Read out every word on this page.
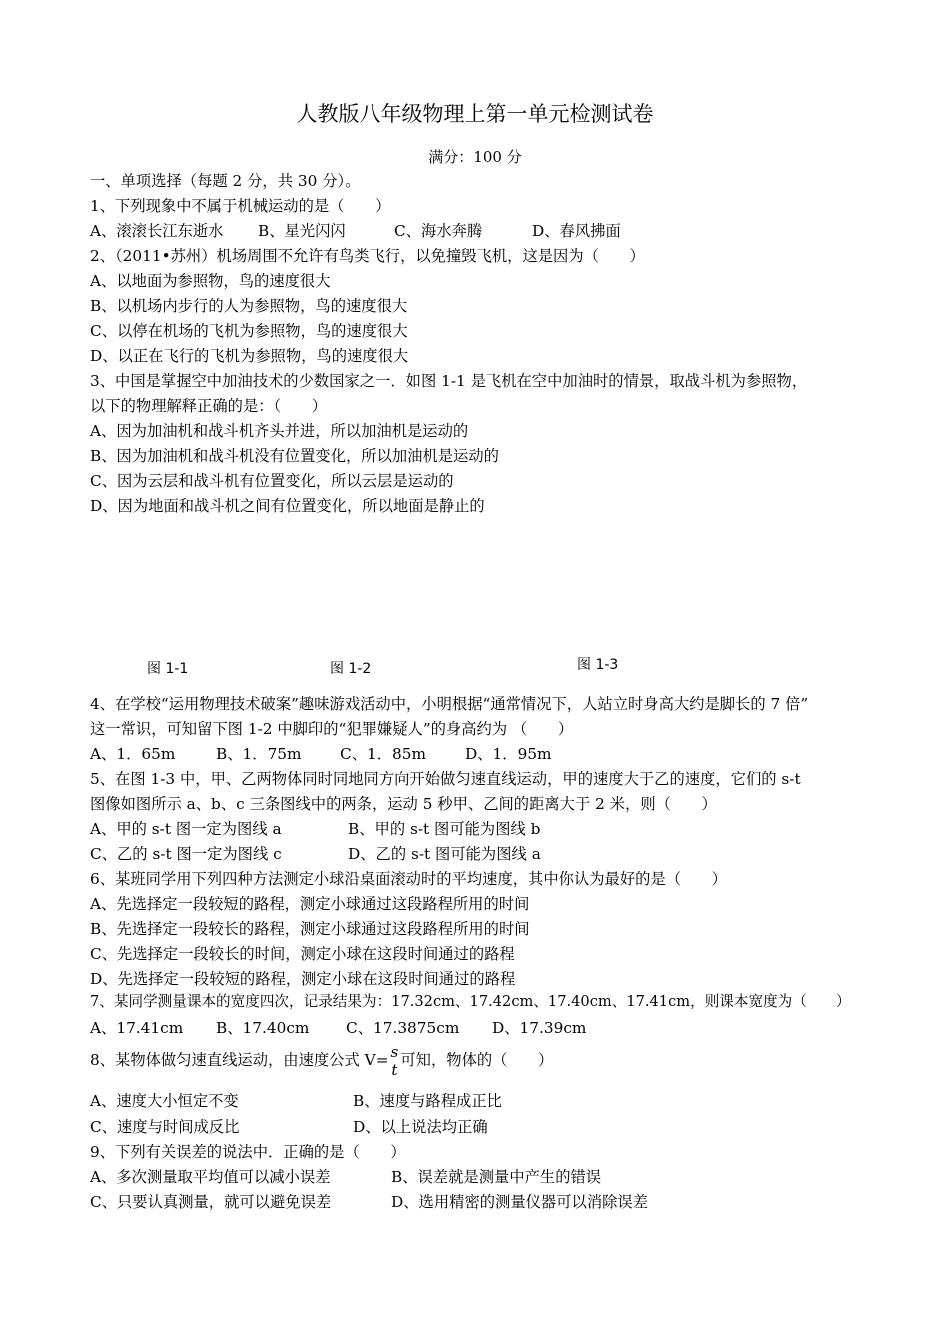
人教版八年级物理上第一单元检测试卷
满分：100 分
一、单项选择（每题 2 分，共 30 分）。
1、下列现象中不属于机械运动的是（　　）
A、滚滚长江东逝水 B、星光闪闪	C、海水奔腾	D、春风拂面
2、（2011•苏州）机场周围不允许有鸟类飞行，以免撞毁飞机，这是因为（　　）
A、以地面为参照物，鸟的速度很大
B、以机场内步行的人为参照物，鸟的速度很大
C、以停在机场的飞机为参照物，鸟的速度很大
D、以正在飞行的飞机为参照物，鸟的速度很大
3、中国是掌握空中加油技术的少数国家之一．如图 1-1 是飞机在空中加油时的情景，取战斗机为参照物，
以下的物理解释正确的是：（　　）
A、因为加油机和战斗机齐头并进，所以加油机是运动的
B、因为加油机和战斗机没有位置变化，所以加油机是运动的
C、因为云层和战斗机有位置变化，所以云层是运动的
D、因为地面和战斗机之间有位置变化，所以地面是静止的
图 1-1	图 1-2	图 1-3
4、在学校“运用物理技术破案”趣味游戏活动中，小明根据“通常情况下，人站立时身高大约是脚长的 7 倍”
这一常识，可知留下图 1-2 中脚印的“犯罪嫌疑人”的身高约为 （　　）
A、1．65m	B、1．75m	C、1．85m	D、1．95m
5、在图 1-3 中，甲、乙两物体同时同地同方向开始做匀速直线运动，甲的速度大于乙的速度，它们的 s-t
图像如图所示 a、b、c 三条图线中的两条，运动 5 秒甲、乙间的距离大于 2 米，则（　　）
A、甲的 s-t 图一定为图线 a	B、甲的 s-t 图可能为图线 b
C、乙的 s-t 图一定为图线 c	D、乙的 s-t 图可能为图线 a
6、某班同学用下列四种方法测定小球沿桌面滚动时的平均速度，其中你认为最好的是（　　）
A、先选择定一段较短的路程，测定小球通过这段路程所用的时间
B、先选择定一段较长的路程，测定小球通过这段路程所用的时间
C、先选择定一段较长的时间，测定小球在这段时间通过的路程
D、先选择定一段较短的路程，测定小球在这段时间通过的路程
7、某同学测量课本的宽度四次，记录结果为：17.32cm、17.42cm、17.40cm、17.41cm，则课本宽度为（　　）
A、17.41cm B、17.40cm C、17.3875cm D、17.39cm
8、某物体做匀速直线运动，由速度公式 V= s
t
可知，物体的（　　）
A、速度大小恒定不变	B、速度与路程成正比
C、速度与时间成反比	D、以上说法均正确
9、下列有关误差的说法中．正确的是（　　）
A、多次测量取平均值可以减小误差	B、误差就是测量中产生的错误
C、只要认真测量，就可以避免误差	D、选用精密的测量仪器可以消除误差
